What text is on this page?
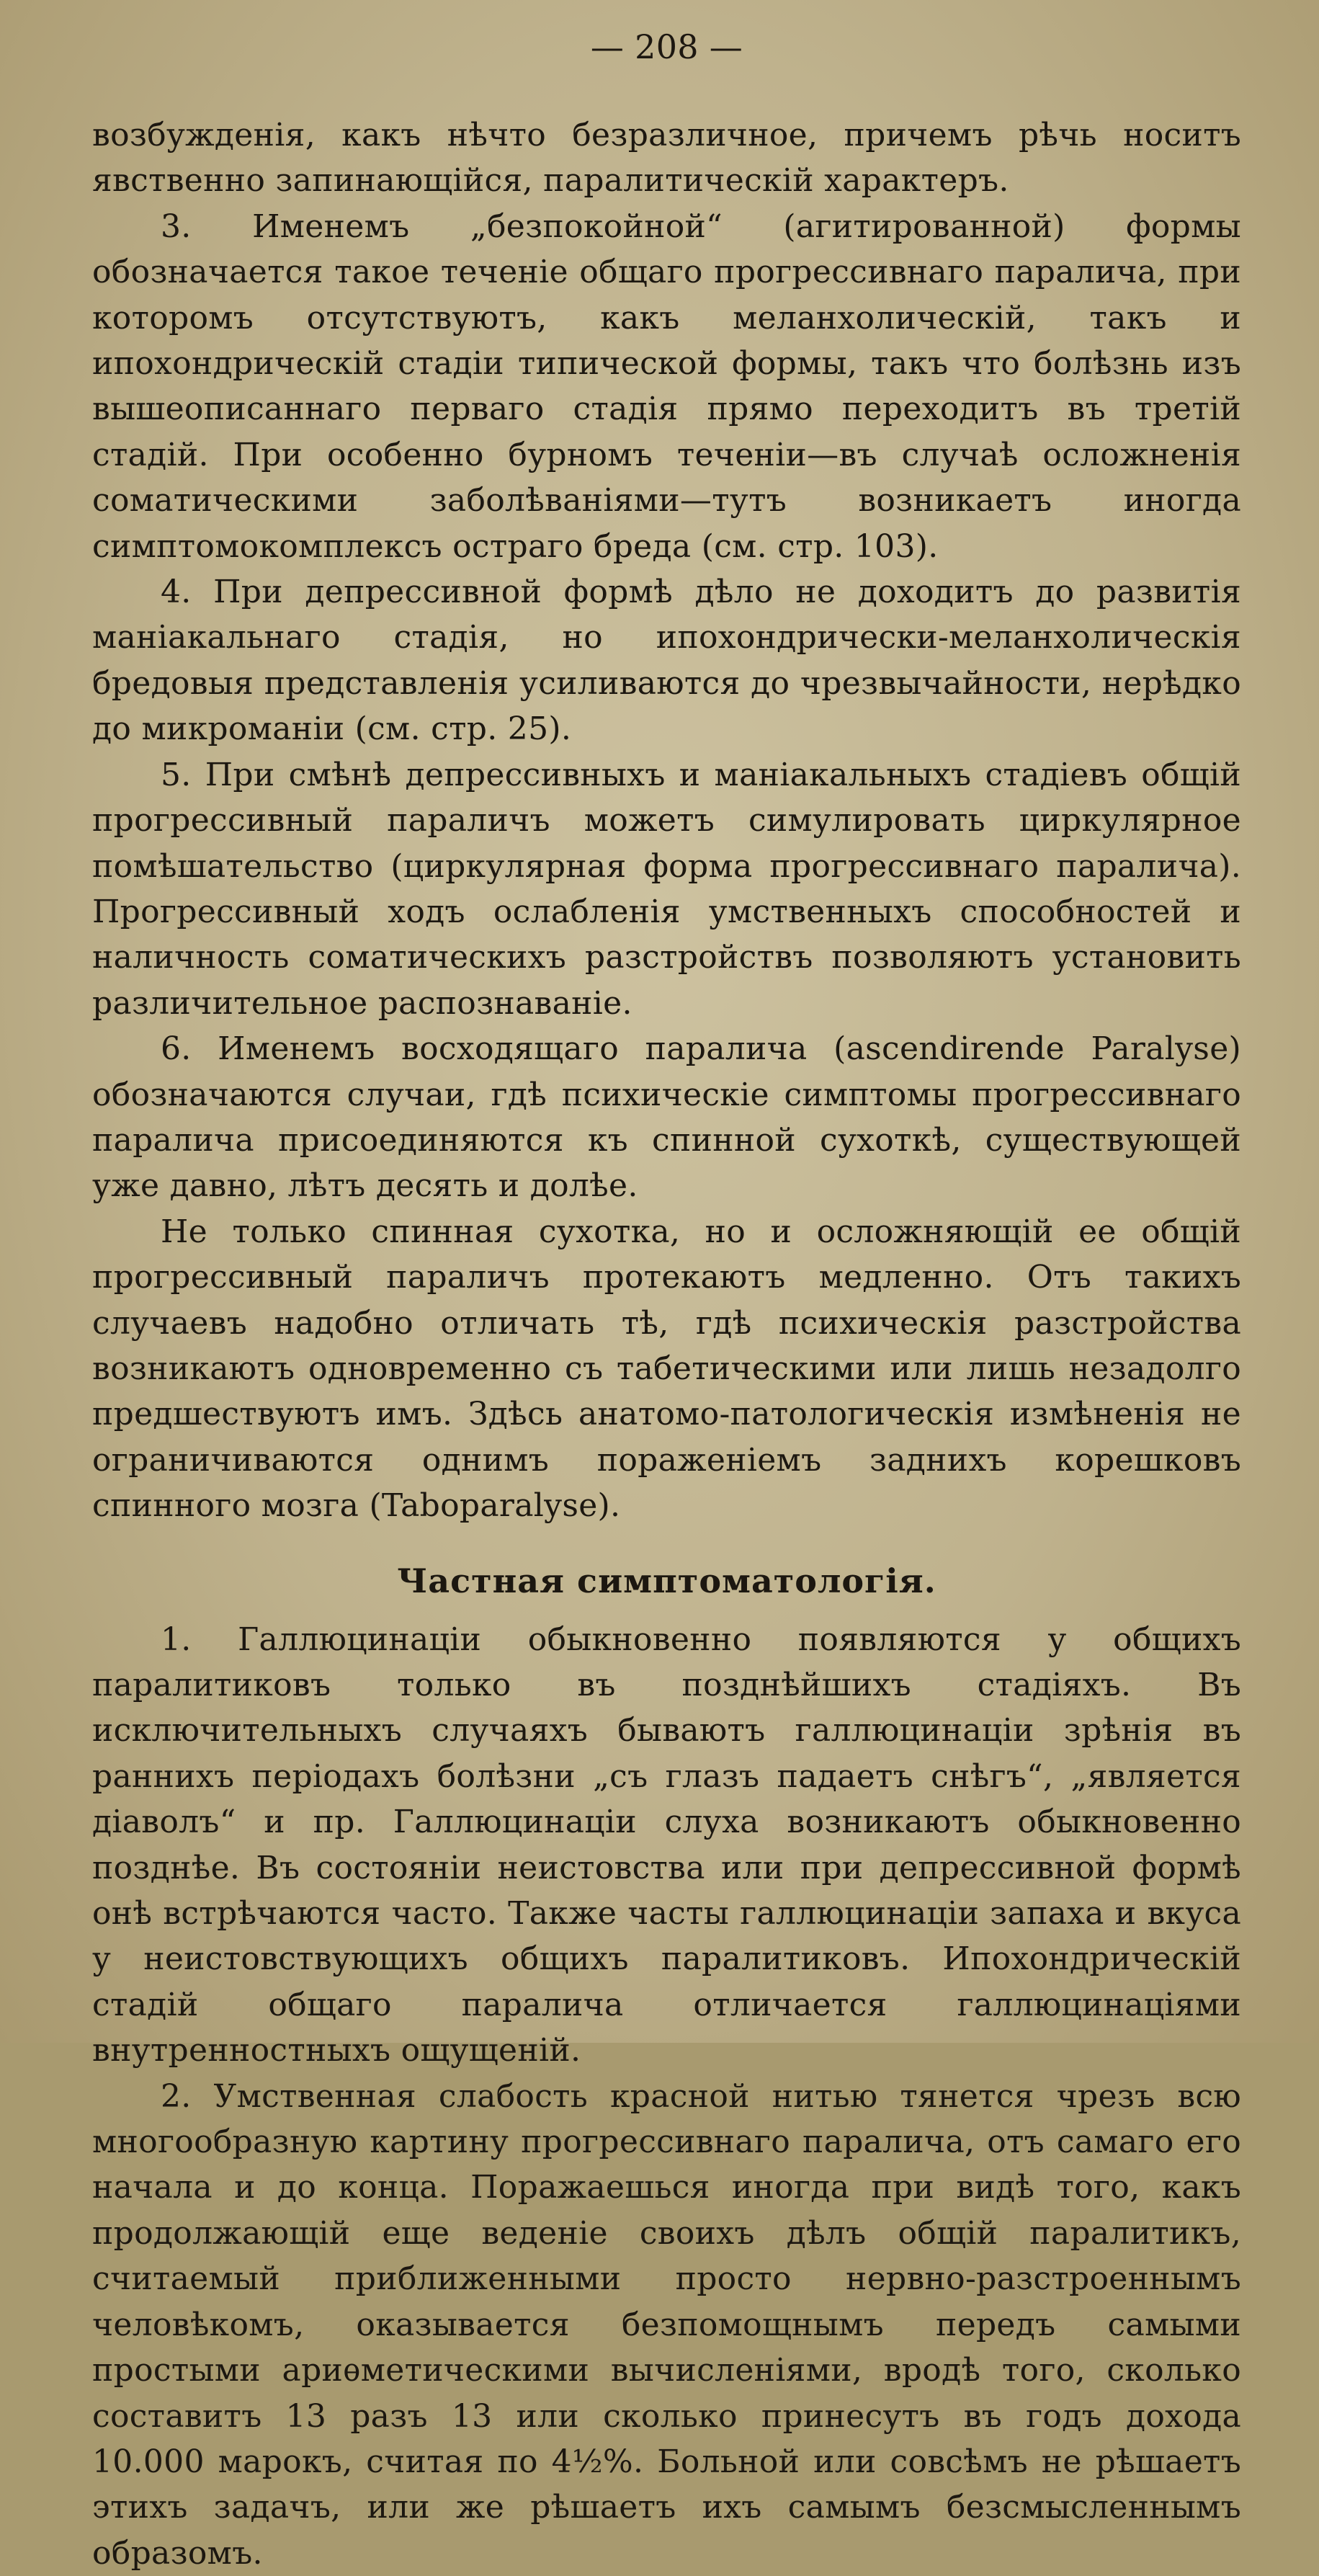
— 208 —

возбужденія, какъ нѣчто безразличное, причемъ рѣчь носитъ явственно запинающійся, паралитическій характеръ.

3. Именемъ „безпокойной“ (агитированной) формы обозначается такое теченіе общаго прогрессивнаго паралича, при которомъ отсутствуютъ, какъ меланхолическій, такъ и ипохондрическій стадіи типической формы, такъ что болѣзнь изъ вышеописаннаго перваго стадія прямо переходитъ въ третій стадій. При особенно бурномъ теченіи—въ случаѣ осложненія соматическими заболѣваніями—тутъ возникаетъ иногда симптомокомплексъ остраго бреда (см. стр. 103).

4. При депрессивной формѣ дѣло не доходитъ до развитія маніакальнаго стадія, но ипохондрически-меланхолическія бредовыя представленія усиливаются до чрезвычайности, нерѣдко до микроманіи (см. стр. 25).

5. При смѣнѣ депрессивныхъ и маніакальныхъ стадіевъ общій прогрессивный параличъ можетъ симулировать циркулярное помѣшательство (циркулярная форма прогрессивнаго паралича). Прогрессивный ходъ ослабленія умственныхъ способностей и наличность соматическихъ разстройствъ позволяютъ установить различительное распознаваніе.

6. Именемъ восходящаго паралича (ascendirende Paralyse) обозначаются случаи, гдѣ психическіе симптомы прогрессивнаго паралича присоединяются къ спинной сухоткѣ, существующей уже давно, лѣтъ десять и долѣе.

Не только спинная сухотка, но и осложняющій ее общій прогрессивный параличъ протекаютъ медленно. Отъ такихъ случаевъ надобно отличать тѣ, гдѣ психическія разстройства возникаютъ одновременно съ табетическими или лишь незадолго предшествуютъ имъ. Здѣсь анатомо-патологическія измѣненія не ограничиваются однимъ пораженіемъ заднихъ корешковъ спинного мозга (Taboparalyse).

Частная симптоматологія.

1. Галлюцинаціи обыкновенно появляются у общихъ паралитиковъ только въ позднѣйшихъ стадіяхъ. Въ исключительныхъ случаяхъ бываютъ галлюцинаціи зрѣнія въ раннихъ періодахъ болѣзни „съ глазъ падаетъ снѣгъ“, „является діаволъ“ и пр. Галлюцинаціи слуха возникаютъ обыкновенно позднѣе. Въ состояніи неистовства или при депрессивной формѣ онѣ встрѣчаются часто. Также часты галлюцинаціи запаха и вкуса у неистовствующихъ общихъ паралитиковъ. Ипохондрическій стадій общаго паралича отличается галлюцинаціями внутренностныхъ ощущеній.

2. Умственная слабость красной нитью тянется чрезъ всю многообразную картину прогрессивнаго паралича, отъ самаго его начала и до конца. Поражаешься иногда при видѣ того, какъ продолжающій еще веденіе своихъ дѣлъ общій паралитикъ, считаемый приближенными просто нервно-разстроеннымъ человѣкомъ, оказывается безпомощнымъ передъ самыми простыми ариѳметическими вычисленіями, вродѣ того, сколько составитъ 13 разъ 13 или сколько принесутъ въ годъ дохода 10.000 марокъ, считая по 4½%. Больной или совсѣмъ не рѣшаетъ этихъ задачъ, или же рѣшаетъ ихъ самымъ безсмысленнымъ образомъ.
